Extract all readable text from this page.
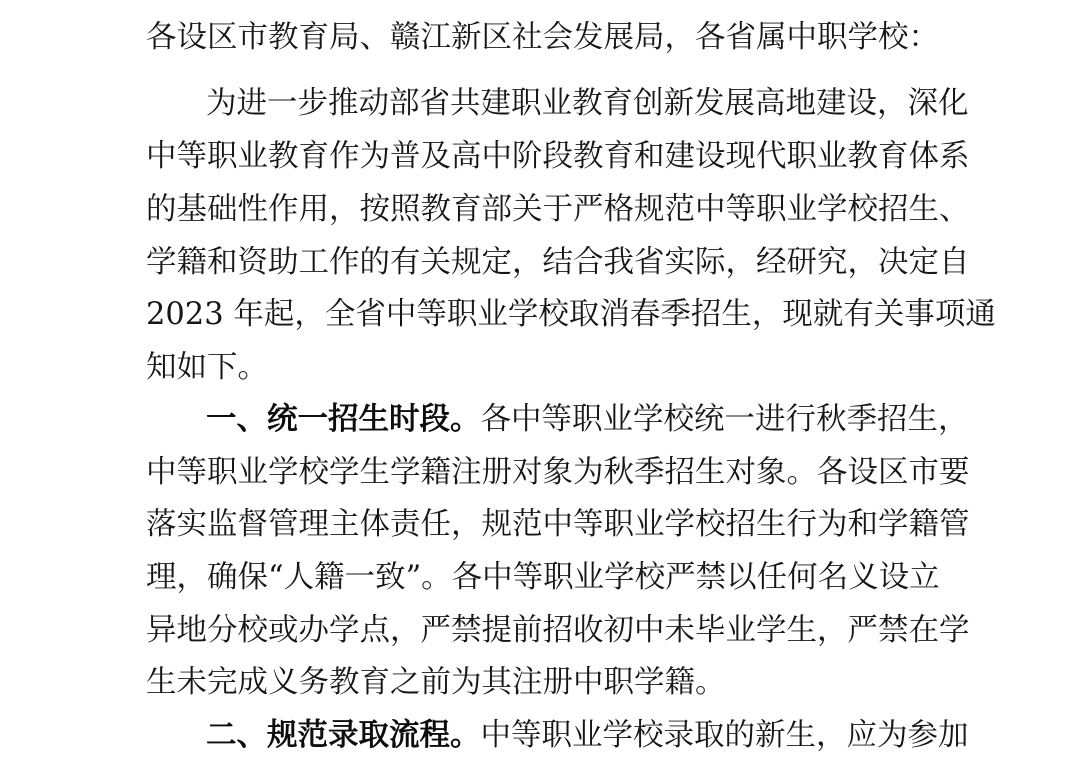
各设区市教育局、赣江新区社会发展局，各省属中职学校：
为进一步推动部省共建职业教育创新发展高地建设，深化
中等职业教育作为普及高中阶段教育和建设现代职业教育体系
的基础性作用，按照教育部关于严格规范中等职业学校招生、
学籍和资助工作的有关规定，结合我省实际，经研究，决定自
2023 年起，全省中等职业学校取消春季招生，现就有关事项通
知如下。
一、统一招生时段。各中等职业学校统一进行秋季招生，
中等职业学校学生学籍注册对象为秋季招生对象。各设区市要
落实监督管理主体责任，规范中等职业学校招生行为和学籍管
理，确保“人籍一致”。各中等职业学校严禁以任何名义设立
异地分校或办学点，严禁提前招收初中未毕业学生，严禁在学
生未完成义务教育之前为其注册中职学籍。
二、规范录取流程。中等职业学校录取的新生，应为参加
